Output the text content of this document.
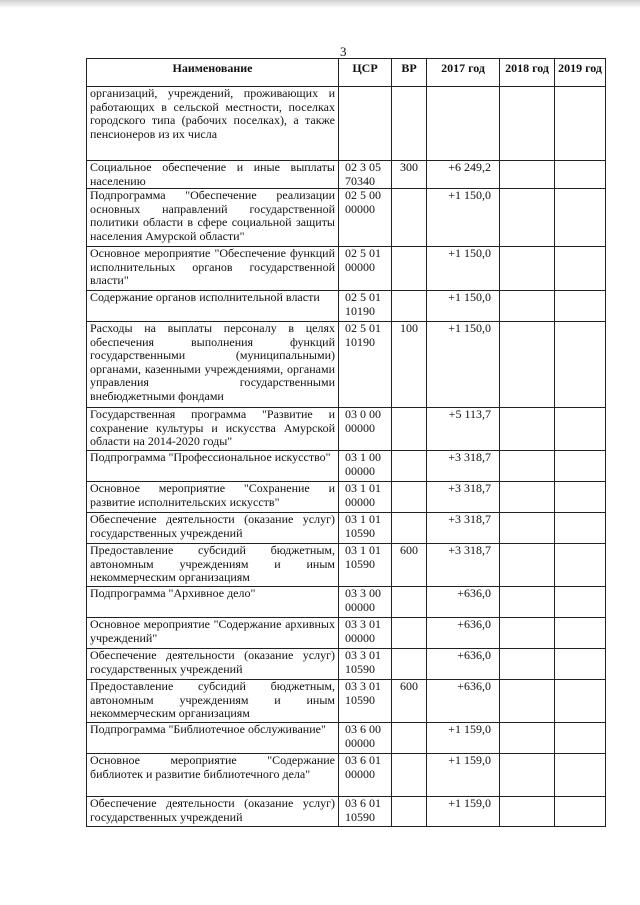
3
Наименование	ЦСР	ВР	2017 год	2018 год	2019 год
организаций, учреждений, проживающих и работающих в сельской местности, поселках городского типа (рабочих поселках), а также пенсионеров из их числа					
Социальное обеспечение и иные выплаты населению	02 3 05 70340	300	+6 249,2		
Подпрограмма "Обеспечение реализации основных направлений государственной политики области в сфере социальной защиты населения Амурской области"	02 5 00 00000		+1 150,0		
Основное мероприятие "Обеспечение функций исполнительных органов государственной власти"	02 5 01 00000		+1 150,0		
Содержание органов исполнительной власти	02 5 01 10190		+1 150,0		
Расходы на выплаты персоналу в целях обеспечения выполнения функций государственными (муниципальными) органами, казенными учреждениями, органами управления государственными внебюджетными фондами	02 5 01 10190	100	+1 150,0		
Государственная программа "Развитие и сохранение культуры и искусства Амурской области на 2014-2020 годы"	03 0 00 00000		+5 113,7		
Подпрограмма "Профессиональное искусство"	03 1 00 00000		+3 318,7		
Основное мероприятие "Сохранение и развитие исполнительских искусств"	03 1 01 00000		+3 318,7		
Обеспечение деятельности (оказание услуг) государственных учреждений	03 1 01 10590		+3 318,7		
Предоставление субсидий бюджетным, автономным учреждениям и иным некоммерческим организациям	03 1 01 10590	600	+3 318,7		
Подпрограмма "Архивное дело"	03 3 00 00000		+636,0		
Основное мероприятие "Содержание архивных учреждений"	03 3 01 00000		+636,0		
Обеспечение деятельности (оказание услуг) государственных учреждений	03 3 01 10590		+636,0		
Предоставление субсидий бюджетным, автономным учреждениям и иным некоммерческим организациям	03 3 01 10590	600	+636,0		
Подпрограмма "Библиотечное обслуживание"	03 6 00 00000		+1 159,0		
Основное мероприятие "Содержание библиотек и развитие библиотечного дела"	03 6 01 00000		+1 159,0		
Обеспечение деятельности (оказание услуг) государственных учреждений	03 6 01 10590		+1 159,0		
